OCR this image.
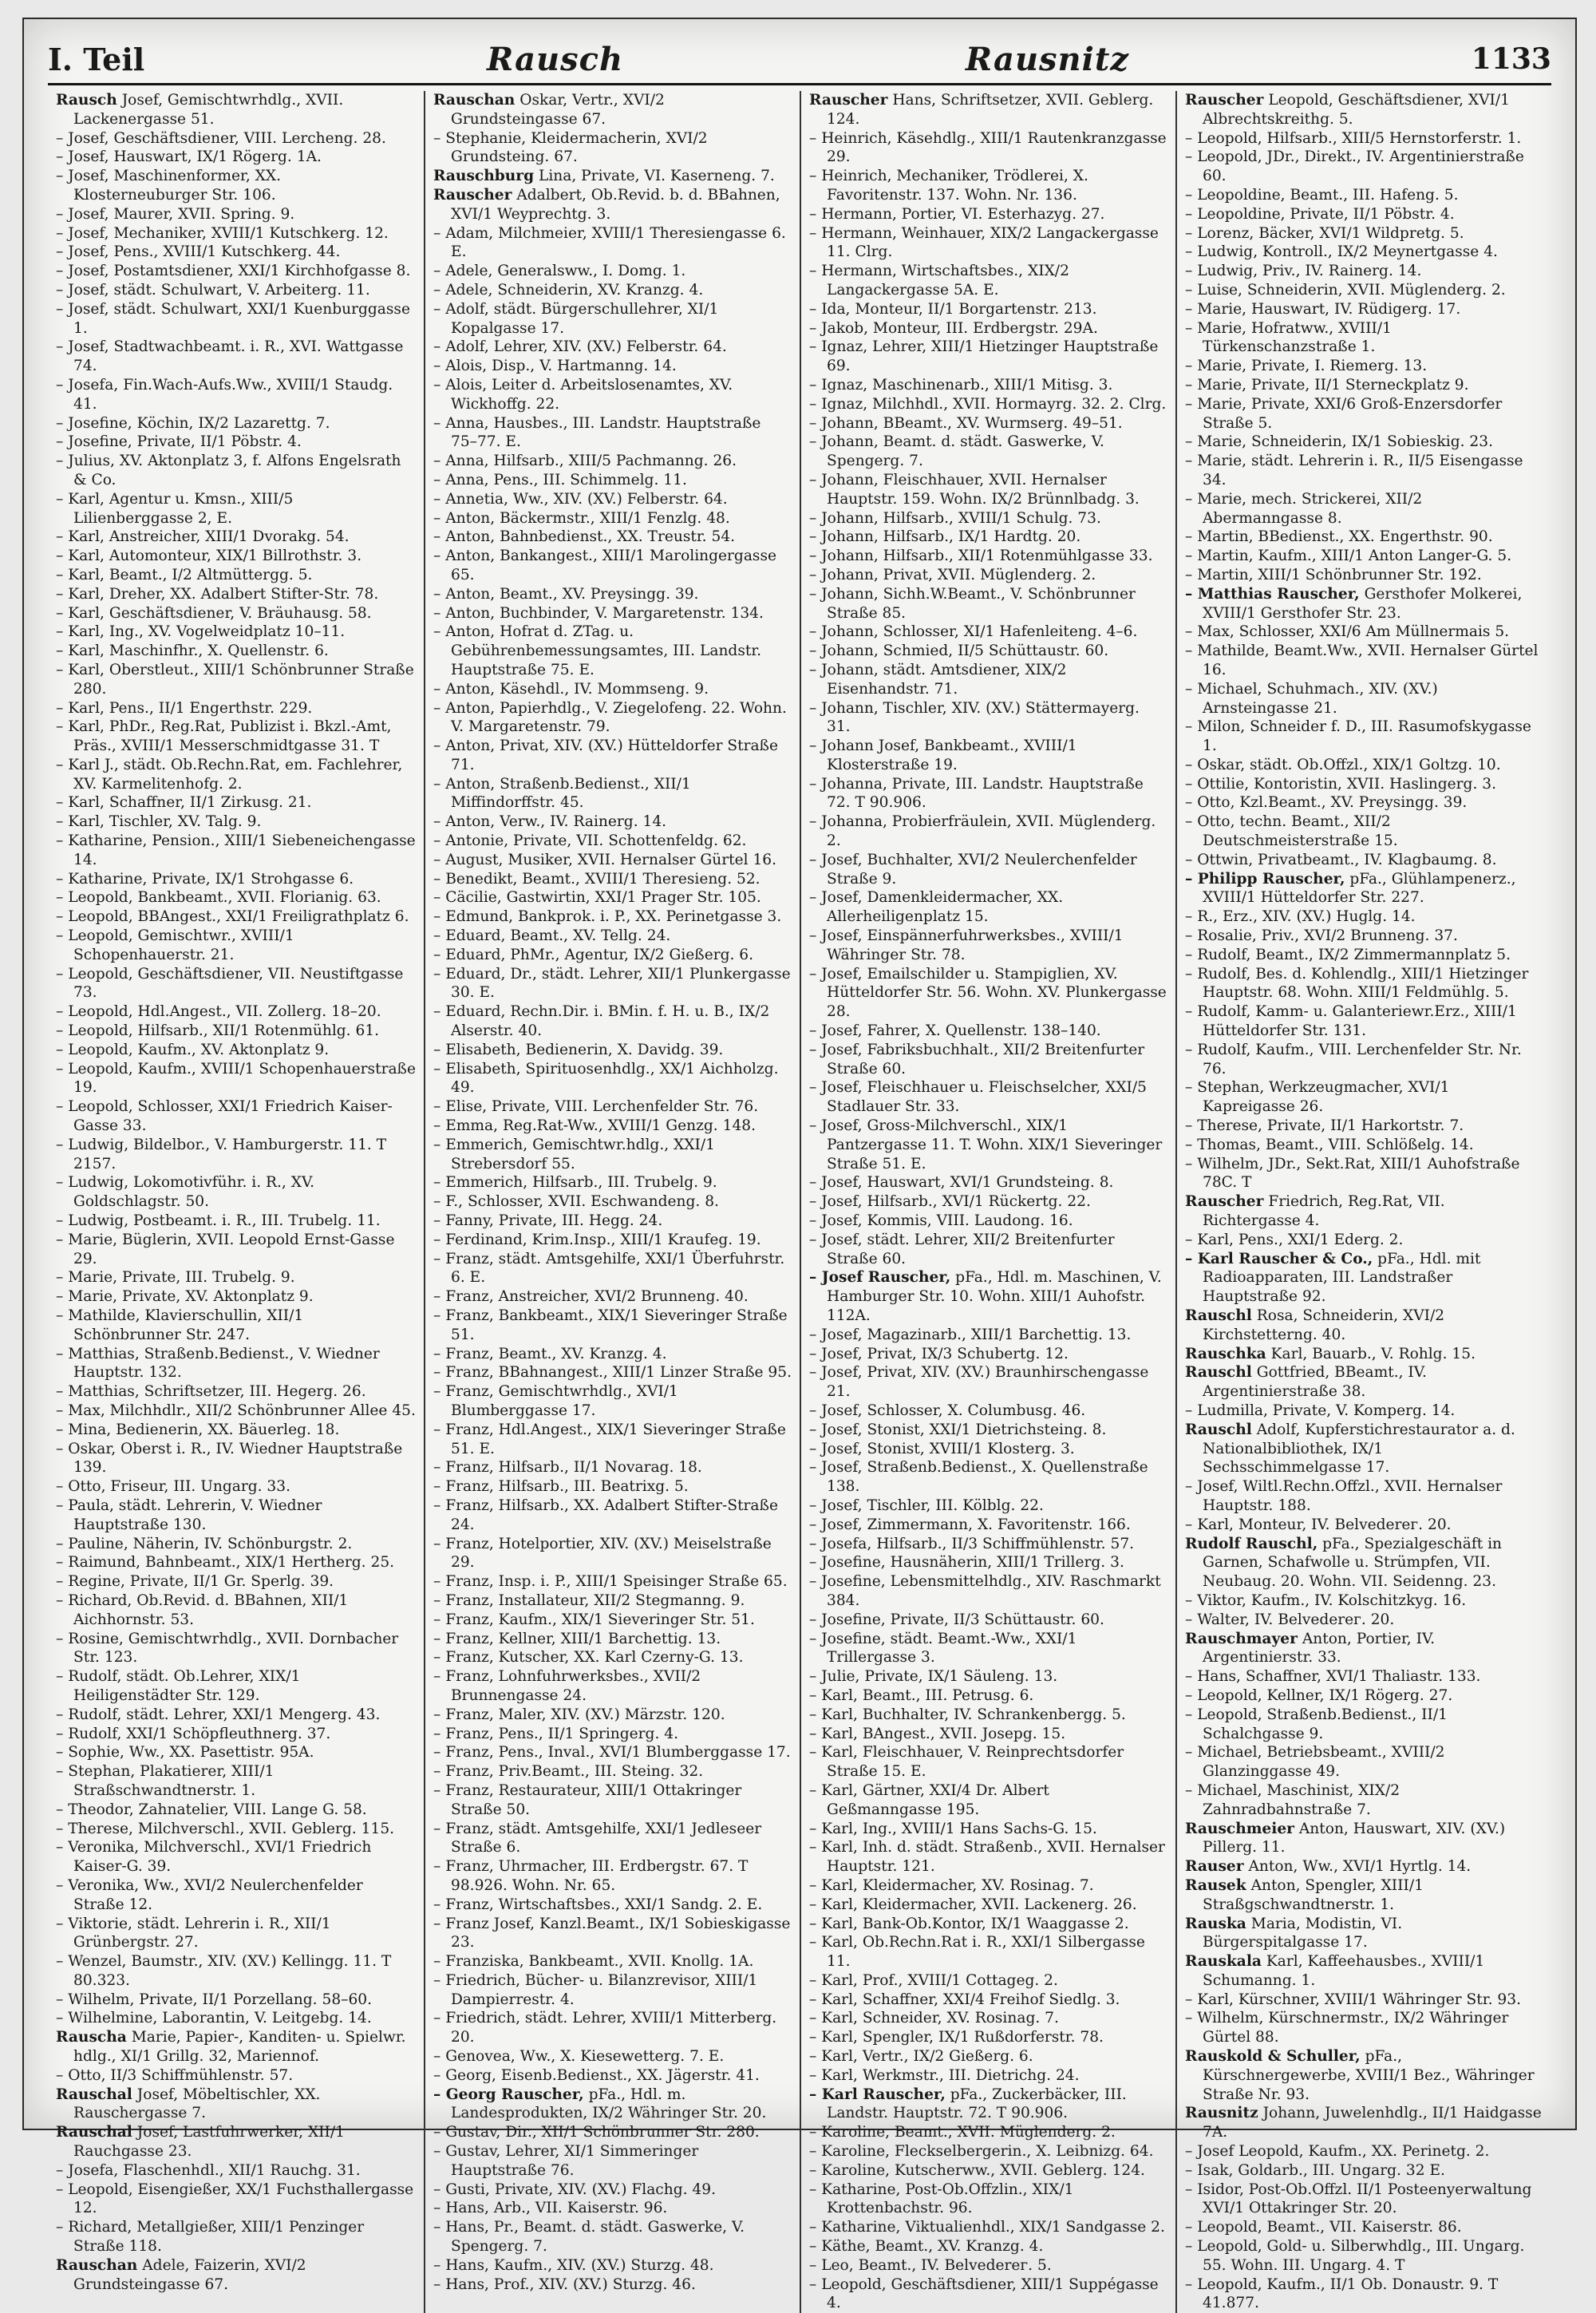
I. Teil	Rausch	Rausnitz	1133

Rausch Josef, Gemischtwrhdlg., XVII. Lackenergasse 51.

– Josef, Geschäftsdiener, VIII. Lercheng. 28.

– Josef, Hauswart, IX/1 Rögerg. 1A.

– Josef, Maschinenformer, XX. Klosterneuburger Str. 106.

– Josef, Maurer, XVII. Spring. 9.

– Josef, Mechaniker, XVIII/1 Kutschkerg. 12.

– Josef, Pens., XVIII/1 Kutschkerg. 44.

– Josef, Postamtsdiener, XXI/1 Kirchhofgasse 8.

– Josef, städt. Schulwart, V. Arbeiterg. 11.

– Josef, städt. Schulwart, XXI/1 Kuenburggasse 1.

– Josef, Stadtwachbeamt. i. R., XVI. Wattgasse 74.

– Josefa, Fin.Wach-Aufs.Ww., XVIII/1 Staudg. 41.

– Josefine, Köchin, IX/2 Lazarettg. 7.

– Josefine, Private, II/1 Pöbstr. 4.

– Julius, XV. Aktonplatz 3, f. Alfons Engelsrath & Co.

– Karl, Agentur u. Kmsn., XIII/5 Lilienberggasse 2, E.

– Karl, Anstreicher, XIII/1 Dvorakg. 54.

– Karl, Automonteur, XIX/1 Billrothstr. 3.

– Karl, Beamt., I/2 Altmüttergg. 5.

– Karl, Dreher, XX. Adalbert Stifter-Str. 78.

– Karl, Geschäftsdiener, V. Bräuhausg. 58.

– Karl, Ing., XV. Vogelweidplatz 10–11.

– Karl, Maschinfhr., X. Quellenstr. 6.

– Karl, Oberstleut., XIII/1 Schönbrunner Straße 280.

– Karl, Pens., II/1 Engerthstr. 229.

– Karl, PhDr., Reg.Rat, Publizist i. Bkzl.-Amt, Präs., XVIII/1 Messerschmidtgasse 31. T

– Karl J., städt. Ob.Rechn.Rat, em. Fachlehrer, XV. Karmelitenhofg. 2.

– Karl, Schaffner, II/1 Zirkusg. 21.

– Karl, Tischler, XV. Talg. 9.

– Katharine, Pension., XIII/1 Siebeneichengasse 14.

– Katharine, Private, IX/1 Strohgasse 6.

– Leopold, Bankbeamt., XVII. Florianig. 63.

– Leopold, BBAngest., XXI/1 Freiligrathplatz 6.

– Leopold, Gemischtwr., XVIII/1 Schopenhauerstr. 21.

– Leopold, Geschäftsdiener, VII. Neustiftgasse 73.

– Leopold, Hdl.Angest., VII. Zollerg. 18–20.

– Leopold, Hilfsarb., XII/1 Rotenmühlg. 61.

– Leopold, Kaufm., XV. Aktonplatz 9.

– Leopold, Kaufm., XVIII/1 Schopenhauerstraße 19.

– Leopold, Schlosser, XXI/1 Friedrich Kaiser-Gasse 33.

– Ludwig, Bildelbor., V. Hamburgerstr. 11. T 2157.

– Ludwig, Lokomotivführ. i. R., XV. Goldschlagstr. 50.

– Ludwig, Postbeamt. i. R., III. Trubelg. 11.

– Marie, Büglerin, XVII. Leopold Ernst-Gasse 29.

– Marie, Private, III. Trubelg. 9.

– Marie, Private, XV. Aktonplatz 9.

– Mathilde, Klavierschullin, XII/1 Schönbrunner Str. 247.

– Matthias, Straßenb.Bedienst., V. Wiedner Hauptstr. 132.

– Matthias, Schriftsetzer, III. Hegerg. 26.

– Max, Milchhdlr., XII/2 Schönbrunner Allee 45.

– Mina, Bedienerin, XX. Bäuerleg. 18.

– Oskar, Oberst i. R., IV. Wiedner Hauptstraße 139.

– Otto, Friseur, III. Ungarg. 33.

– Paula, städt. Lehrerin, V. Wiedner Hauptstraße 130.

– Pauline, Näherin, IV. Schönburgstr. 2.

– Raimund, Bahnbeamt., XIX/1 Hertherg. 25.

– Regine, Private, II/1 Gr. Sperlg. 39.

– Richard, Ob.Revid. d. BBahnen, XII/1 Aichhornstr. 53.

– Rosine, Gemischtwrhdlg., XVII. Dornbacher Str. 123.

– Rudolf, städt. Ob.Lehrer, XIX/1 Heiligenstädter Str. 129.

– Rudolf, städt. Lehrer, XXI/1 Mengerg. 43.

– Rudolf, XXI/1 Schöpfleuthnerg. 37.

– Sophie, Ww., XX. Pasettistr. 95A.

– Stephan, Plakatierer, XIII/1 Straßschwandtnerstr. 1.

– Theodor, Zahnatelier, VIII. Lange G. 58.

– Therese, Milchverschl., XVII. Geblerg. 115.

– Veronika, Milchverschl., XVI/1 Friedrich Kaiser-G. 39.

– Veronika, Ww., XVI/2 Neulerchenfelder Straße 12.

– Viktorie, städt. Lehrerin i. R., XII/1 Grünbergstr. 27.

– Wenzel, Baumstr., XIV. (XV.) Kellingg. 11. T 80.323.

– Wilhelm, Private, II/1 Porzellang. 58–60.

– Wilhelmine, Laborantin, V. Leitgebg. 14.

Rauscha Marie, Papier-, Kanditen- u. Spielwr. hdlg., XI/1 Grillg. 32, Mariennof.

– Otto, II/3 Schiffmühlenstr. 57.

Rauschal Josef, Möbeltischler, XX. Rauschergasse 7.

Rauschal Josef, Lastfuhrwerker, XII/1 Rauchgasse 23.

– Josefa, Flaschenhdl., XII/1 Rauchg. 31.

– Leopold, Eisengießer, XX/1 Fuchsthallergasse 12.

– Richard, Metallgießer, XIII/1 Penzinger Straße 118.

Rauschan Adele, Faizerin, XVI/2 Grundsteingasse 67.

Rauschan Oskar, Vertr., XVI/2 Grundsteingasse 67.

– Stephanie, Kleidermacherin, XVI/2 Grundsteing. 67.

Rauschburg Lina, Private, VI. Kaserneng. 7.

Rauscher Adalbert, Ob.Revid. b. d. BBahnen, XVI/1 Weyprechtg. 3.

– Adam, Milchmeier, XVIII/1 Theresiengasse 6. E.

– Adele, Generalsww., I. Domg. 1.

– Adele, Schneiderin, XV. Kranzg. 4.

– Adolf, städt. Bürgerschullehrer, XI/1 Kopalgasse 17.

– Adolf, Lehrer, XIV. (XV.) Felberstr. 64.

– Alois, Disp., V. Hartmanng. 14.

– Alois, Leiter d. Arbeitslosenamtes, XV. Wickhoffg. 22.

– Anna, Hausbes., III. Landstr. Hauptstraße 75–77. E.

– Anna, Hilfsarb., XIII/5 Pachmanng. 26.

– Anna, Pens., III. Schimmelg. 11.

– Annetia, Ww., XIV. (XV.) Felberstr. 64.

– Anton, Bäckermstr., XIII/1 Fenzlg. 48.

– Anton, Bahnbedienst., XX. Treustr. 54.

– Anton, Bankangest., XIII/1 Marolingergasse 65.

– Anton, Beamt., XV. Preysingg. 39.

– Anton, Buchbinder, V. Margaretenstr. 134.

– Anton, Hofrat d. ZTag. u. Gebührenbemessungsamtes, III. Landstr. Hauptstraße 75. E.

– Anton, Käsehdl., IV. Mommseng. 9.

– Anton, Papierhdlg., V. Ziegelofeng. 22. Wohn. V. Margaretenstr. 79.

– Anton, Privat, XIV. (XV.) Hütteldorfer Straße 71.

– Anton, Straßenb.Bedienst., XII/1 Miffindorffstr. 45.

– Anton, Verw., IV. Rainerg. 14.

– Antonie, Private, VII. Schottenfeldg. 62.

– August, Musiker, XVII. Hernalser Gürtel 16.

– Benedikt, Beamt., XVIII/1 Theresieng. 52.

– Cäcilie, Gastwirtin, XXI/1 Prager Str. 105.

– Edmund, Bankprok. i. P., XX. Perinetgasse 3.

– Eduard, Beamt., XV. Tellg. 24.

– Eduard, PhMr., Agentur, IX/2 Gießerg. 6.

– Eduard, Dr., städt. Lehrer, XII/1 Plunkergasse 30. E.

– Eduard, Rechn.Dir. i. BMin. f. H. u. B., IX/2 Alserstr. 40.

– Elisabeth, Bedienerin, X. Davidg. 39.

– Elisabeth, Spirituosenhdlg., XX/1 Aichholzg. 49.

– Elise, Private, VIII. Lerchenfelder Str. 76.

– Emma, Reg.Rat-Ww., XVIII/1 Genzg. 148.

– Emmerich, Gemischtwr.hdlg., XXI/1 Strebersdorf 55.

– Emmerich, Hilfsarb., III. Trubelg. 9.

– F., Schlosser, XVII. Eschwandeng. 8.

– Fanny, Private, III. Hegg. 24.

– Ferdinand, Krim.Insp., XIII/1 Kraufeg. 19.

– Franz, städt. Amtsgehilfe, XXI/1 Überfuhrstr. 6. E.

– Franz, Anstreicher, XVI/2 Brunneng. 40.

– Franz, Bankbeamt., XIX/1 Sieveringer Straße 51.

– Franz, Beamt., XV. Kranzg. 4.

– Franz, BBahnangest., XIII/1 Linzer Straße 95.

– Franz, Gemischtwrhdlg., XVI/1 Blumberggasse 17.

– Franz, Hdl.Angest., XIX/1 Sieveringer Straße 51. E.

– Franz, Hilfsarb., II/1 Novarag. 18.

– Franz, Hilfsarb., III. Beatrixg. 5.

– Franz, Hilfsarb., XX. Adalbert Stifter-Straße 24.

– Franz, Hotelportier, XIV. (XV.) Meiselstraße 29.

– Franz, Insp. i. P., XIII/1 Speisinger Straße 65.

– Franz, Installateur, XII/2 Stegmanng. 9.

– Franz, Kaufm., XIX/1 Sieveringer Str. 51.

– Franz, Kellner, XIII/1 Barchettig. 13.

– Franz, Kutscher, XX. Karl Czerny-G. 13.

– Franz, Lohnfuhrwerksbes., XVII/2 Brunnengasse 24.

– Franz, Maler, XIV. (XV.) Märzstr. 120.

– Franz, Pens., II/1 Springerg. 4.

– Franz, Pens., Inval., XVI/1 Blumberggasse 17.

– Franz, Priv.Beamt., III. Steing. 32.

– Franz, Restaurateur, XIII/1 Ottakringer Straße 50.

– Franz, städt. Amtsgehilfe, XXI/1 Jedleseer Straße 6.

– Franz, Uhrmacher, III. Erdbergstr. 67. T 98.926. Wohn. Nr. 65.

– Franz, Wirtschaftsbes., XXI/1 Sandg. 2. E.

– Franz Josef, Kanzl.Beamt., IX/1 Sobieskigasse 23.

– Franziska, Bankbeamt., XVII. Knollg. 1A.

– Friedrich, Bücher- u. Bilanzrevisor, XIII/1 Dampierrestr. 4.

– Friedrich, städt. Lehrer, XVIII/1 Mitterberg. 20.

– Genovea, Ww., X. Kiesewetterg. 7. E.

– Georg, Eisenb.Bedienst., XX. Jägerstr. 41.

– Georg Rauscher, pFa., Hdl. m. Landesprodukten, IX/2 Währinger Str. 20.

– Gustav, Dir., XII/1 Schönbrunner Str. 280.

– Gustav, Lehrer, XI/1 Simmeringer Hauptstraße 76.

– Gusti, Private, XIV. (XV.) Flachg. 49.

– Hans, Arb., VII. Kaiserstr. 96.

– Hans, Pr., Beamt. d. städt. Gaswerke, V. Spengerg. 7.

– Hans, Kaufm., XIV. (XV.) Sturzg. 48.

– Hans, Prof., XIV. (XV.) Sturzg. 46.

Rauscher Hans, Schriftsetzer, XVII. Geblerg. 124.

– Heinrich, Käsehdlg., XIII/1 Rautenkranzgasse 29.

– Heinrich, Mechaniker, Trödlerei, X. Favoritenstr. 137. Wohn. Nr. 136.

– Hermann, Portier, VI. Esterhazyg. 27.

– Hermann, Weinhauer, XIX/2 Langackergasse 11. Clrg.

– Hermann, Wirtschaftsbes., XIX/2 Langackergasse 5A. E.

– Ida, Monteur, II/1 Borgartenstr. 213.

– Jakob, Monteur, III. Erdbergstr. 29A.

– Ignaz, Lehrer, XIII/1 Hietzinger Hauptstraße 69.

– Ignaz, Maschinenarb., XIII/1 Mitisg. 3.

– Ignaz, Milchhdl., XVII. Hormayrg. 32. 2. Clrg.

– Johann, BBeamt., XV. Wurmserg. 49–51.

– Johann, Beamt. d. städt. Gaswerke, V. Spengerg. 7.

– Johann, Fleischhauer, XVII. Hernalser Hauptstr. 159. Wohn. IX/2 Brünnlbadg. 3.

– Johann, Hilfsarb., XVIII/1 Schulg. 73.

– Johann, Hilfsarb., IX/1 Hardtg. 20.

– Johann, Hilfsarb., XII/1 Rotenmühlgasse 33.

– Johann, Privat, XVII. Müglenderg. 2.

– Johann, Sichh.W.Beamt., V. Schönbrunner Straße 85.

– Johann, Schlosser, XI/1 Hafenleiteng. 4–6.

– Johann, Schmied, II/5 Schüttaustr. 60.

– Johann, städt. Amtsdiener, XIX/2 Eisenhandstr. 71.

– Johann, Tischler, XIV. (XV.) Stättermayerg. 31.

– Johann Josef, Bankbeamt., XVIII/1 Klosterstraße 19.

– Johanna, Private, III. Landstr. Hauptstraße 72. T 90.906.

– Johanna, Probierfräulein, XVII. Müglenderg. 2.

– Josef, Buchhalter, XVI/2 Neulerchenfelder Straße 9.

– Josef, Damenkleidermacher, XX. Allerheiligenplatz 15.

– Josef, Einspännerfuhrwerksbes., XVIII/1 Währinger Str. 78.

– Josef, Emailschilder u. Stampiglien, XV. Hütteldorfer Str. 56. Wohn. XV. Plunkergasse 28.

– Josef, Fahrer, X. Quellenstr. 138–140.

– Josef, Fabriksbuchhalt., XII/2 Breitenfurter Straße 60.

– Josef, Fleischhauer u. Fleischselcher, XXI/5 Stadlauer Str. 33.

– Josef, Gross-Milchverschl., XIX/1 Pantzergasse 11. T. Wohn. XIX/1 Sieveringer Straße 51. E.

– Josef, Hauswart, XVI/1 Grundsteing. 8.

– Josef, Hilfsarb., XVI/1 Rückertg. 22.

– Josef, Kommis, VIII. Laudong. 16.

– Josef, städt. Lehrer, XII/2 Breitenfurter Straße 60.

– Josef Rauscher, pFa., Hdl. m. Maschinen, V. Hamburger Str. 10. Wohn. XIII/1 Auhofstr. 112A.

– Josef, Magazinarb., XIII/1 Barchettig. 13.

– Josef, Privat, IX/3 Schubertg. 12.

– Josef, Privat, XIV. (XV.) Braunhirschengasse 21.

– Josef, Schlosser, X. Columbusg. 46.

– Josef, Stonist, XXI/1 Dietrichsteing. 8.

– Josef, Stonist, XVIII/1 Klosterg. 3.

– Josef, Straßenb.Bedienst., X. Quellenstraße 138.

– Josef, Tischler, III. Kölblg. 22.

– Josef, Zimmermann, X. Favoritenstr. 166.

– Josefa, Hilfsarb., II/3 Schiffmühlenstr. 57.

– Josefine, Hausnäherin, XIII/1 Trillerg. 3.

– Josefine, Lebensmittelhdlg., XIV. Raschmarkt 384.

– Josefine, Private, II/3 Schüttaustr. 60.

– Josefine, städt. Beamt.-Ww., XXI/1 Trillergasse 3.

– Julie, Private, IX/1 Säuleng. 13.

– Karl, Beamt., III. Petrusg. 6.

– Karl, Buchhalter, IV. Schrankenbergg. 5.

– Karl, BAngest., XVII. Josepg. 15.

– Karl, Fleischhauer, V. Reinprechtsdorfer Straße 15. E.

– Karl, Gärtner, XXI/4 Dr. Albert Geßmanngasse 195.

– Karl, Ing., XVIII/1 Hans Sachs-G. 15.

– Karl, Inh. d. städt. Straßenb., XVII. Hernalser Hauptstr. 121.

– Karl, Kleidermacher, XV. Rosinag. 7.

– Karl, Kleidermacher, XVII. Lackenerg. 26.

– Karl, Bank-Ob.Kontor, IX/1 Waaggasse 2.

– Karl, Ob.Rechn.Rat i. R., XXI/1 Silbergasse 11.

– Karl, Prof., XVIII/1 Cottageg. 2.

– Karl, Schaffner, XXI/4 Freihof Siedlg. 3.

– Karl, Schneider, XV. Rosinag. 7.

– Karl, Spengler, IX/1 Rußdorferstr. 78.

– Karl, Vertr., IX/2 Gießerg. 6.

– Karl, Werkmstr., III. Dietrichg. 24.

– Karl Rauscher, pFa., Zuckerbäcker, III. Landstr. Hauptstr. 72. T 90.906.

– Karoline, Beamt., XVII. Müglenderg. 2.

– Karoline, Fleckselbergerin., X. Leibnizg. 64.

– Karoline, Kutscherww., XVII. Geblerg. 124.

– Katharine, Post-Ob.Offzlin., XIX/1 Krottenbachstr. 96.

– Katharine, Viktualienhdl., XIX/1 Sandgasse 2.

– Käthe, Beamt., XV. Kranzg. 4.

– Leo, Beamt., IV. Belvederег. 5.

– Leopold, Geschäftsdiener, XIII/1 Suppégasse 4.

Rauscher Leopold, Geschäftsdiener, XVI/1 Albrechtskreithg. 5.

– Leopold, Hilfsarb., XIII/5 Hernstorferstr. 1.

– Leopold, JDr., Direkt., IV. Argentinierstraße 60.

– Leopoldine, Beamt., III. Hafeng. 5.

– Leopoldine, Private, II/1 Pöbstr. 4.

– Lorenz, Bäcker, XVI/1 Wildpretg. 5.

– Ludwig, Kontroll., IX/2 Meynertgasse 4.

– Ludwig, Priv., IV. Rainerg. 14.

– Luise, Schneiderin, XVII. Müglenderg. 2.

– Marie, Hauswart, IV. Rüdigerg. 17.

– Marie, Hofratww., XVIII/1 Türkenschanzstraße 1.

– Marie, Private, I. Riemerg. 13.

– Marie, Private, II/1 Sterneckplatz 9.

– Marie, Private, XXI/6 Groß-Enzersdorfer Straße 5.

– Marie, Schneiderin, IX/1 Sobieskig. 23.

– Marie, städt. Lehrerin i. R., II/5 Eisengasse 34.

– Marie, mech. Strickerei, XII/2 Abermanngasse 8.

– Martin, BBedienst., XX. Engerthstr. 90.

– Martin, Kaufm., XIII/1 Anton Langer-G. 5.

– Martin, XIII/1 Schönbrunner Str. 192.

– Matthias Rauscher, Gersthofer Molkerei, XVIII/1 Gersthofer Str. 23.

– Max, Schlosser, XXI/6 Am Müllnermais 5.

– Mathilde, Beamt.Ww., XVII. Hernalser Gürtel 16.

– Michael, Schuhmach., XIV. (XV.) Arnsteingasse 21.

– Milon, Schneider f. D., III. Rasumofskygasse 1.

– Oskar, städt. Ob.Offzl., XIX/1 Goltzg. 10.

– Ottilie, Kontoristin, XVII. Haslingerg. 3.

– Otto, Kzl.Beamt., XV. Preysingg. 39.

– Otto, techn. Beamt., XII/2 Deutschmeisterstraße 15.

– Ottwin, Privatbeamt., IV. Klagbaumg. 8.

– Philipp Rauscher, pFa., Glühlampenerz., XVIII/1 Hütteldorfer Str. 227.

– R., Erz., XIV. (XV.) Huglg. 14.

– Rosalie, Priv., XVI/2 Brunneng. 37.

– Rudolf, Beamt., IX/2 Zimmermannplatz 5.

– Rudolf, Bes. d. Kohlendlg., XIII/1 Hietzinger Hauptstr. 68. Wohn. XIII/1 Feldmühlg. 5.

– Rudolf, Kamm- u. Galanteriewr.Erz., XIII/1 Hütteldorfer Str. 131.

– Rudolf, Kaufm., VIII. Lerchenfelder Str. Nr. 76.

– Stephan, Werkzeugmacher, XVI/1 Kapreigasse 26.

– Therese, Private, II/1 Harkortstr. 7.

– Thomas, Beamt., VIII. Schlößelg. 14.

– Wilhelm, JDr., Sekt.Rat, XIII/1 Auhofstraße 78C. T

Rauscher Friedrich, Reg.Rat, VII. Richtergasse 4.

– Karl, Pens., XXI/1 Ederg. 2.

– Karl Rauscher & Co., pFa., Hdl. mit Radioapparaten, III. Landstraßer Hauptstraße 92.

Rauschl Rosa, Schneiderin, XVI/2 Kirchstetterng. 40.

Rauschka Karl, Bauarb., V. Rohlg. 15.

Rauschl Gottfried, BBeamt., IV. Argentinierstraße 38.

– Ludmilla, Private, V. Komperg. 14.

Rauschl Adolf, Kupferstichrestaurator a. d. Nationalbibliothek, IX/1 Sechsschimmelgasse 17.

– Josef, Wiltl.Rechn.Offzl., XVII. Hernalser Hauptstr. 188.

– Karl, Monteur, IV. Belvederег. 20.

Rudolf Rauschl, pFa., Spezialgeschäft in Garnen, Schafwolle u. Strümpfen, VII. Neubaug. 20. Wohn. VII. Seidenng. 23.

– Viktor, Kaufm., IV. Kolschitzkyg. 16.

– Walter, IV. Belvederег. 20.

Rauschmayer Anton, Portier, IV. Argentinierstr. 33.

– Hans, Schaffner, XVI/1 Thaliastr. 133.

– Leopold, Kellner, IX/1 Rögerg. 27.

– Leopold, Straßenb.Bedienst., II/1 Schalchgasse 9.

– Michael, Betriebsbeamt., XVIII/2 Glanzinggasse 49.

– Michael, Maschinist, XIX/2 Zahnradbahnstraße 7.

Rauschmeier Anton, Hauswart, XIV. (XV.) Pillerg. 11.

Rauser Anton, Ww., XVI/1 Hyrtlg. 14.

Rausek Anton, Spengler, XIII/1 Straßgschwandtnerstr. 1.

Rauska Maria, Modistin, VI. Bürgerspitalgasse 17.

Rauskala Karl, Kaffeehausbes., XVIII/1 Schumanng. 1.

– Karl, Kürschner, XVIII/1 Währinger Str. 93.

– Wilhelm, Kürschnermstr., IX/2 Währinger Gürtel 88.

Rauskold & Schuller, pFa., Kürschnergewerbe, XVIII/1 Bez., Währinger Straße Nr. 93.

Rausnitz Johann, Juwelenhdlg., II/1 Haidgasse 7A.

– Josef Leopold, Kaufm., XX. Perinetg. 2.

– Isak, Goldarb., III. Ungarg. 32 E.

– Isidor, Post-Ob.Offzl. II/1 Posteenyerwaltung XVI/1 Ottakringer Str. 20.

– Leopold, Beamt., VII. Kaiserstr. 86.

– Leopold, Gold- u. Silberwhdlg., III. Ungarg. 55. Wohn. III. Ungarg. 4. T

– Leopold, Kaufm., II/1 Ob. Donaustr. 9. T 41.877.
